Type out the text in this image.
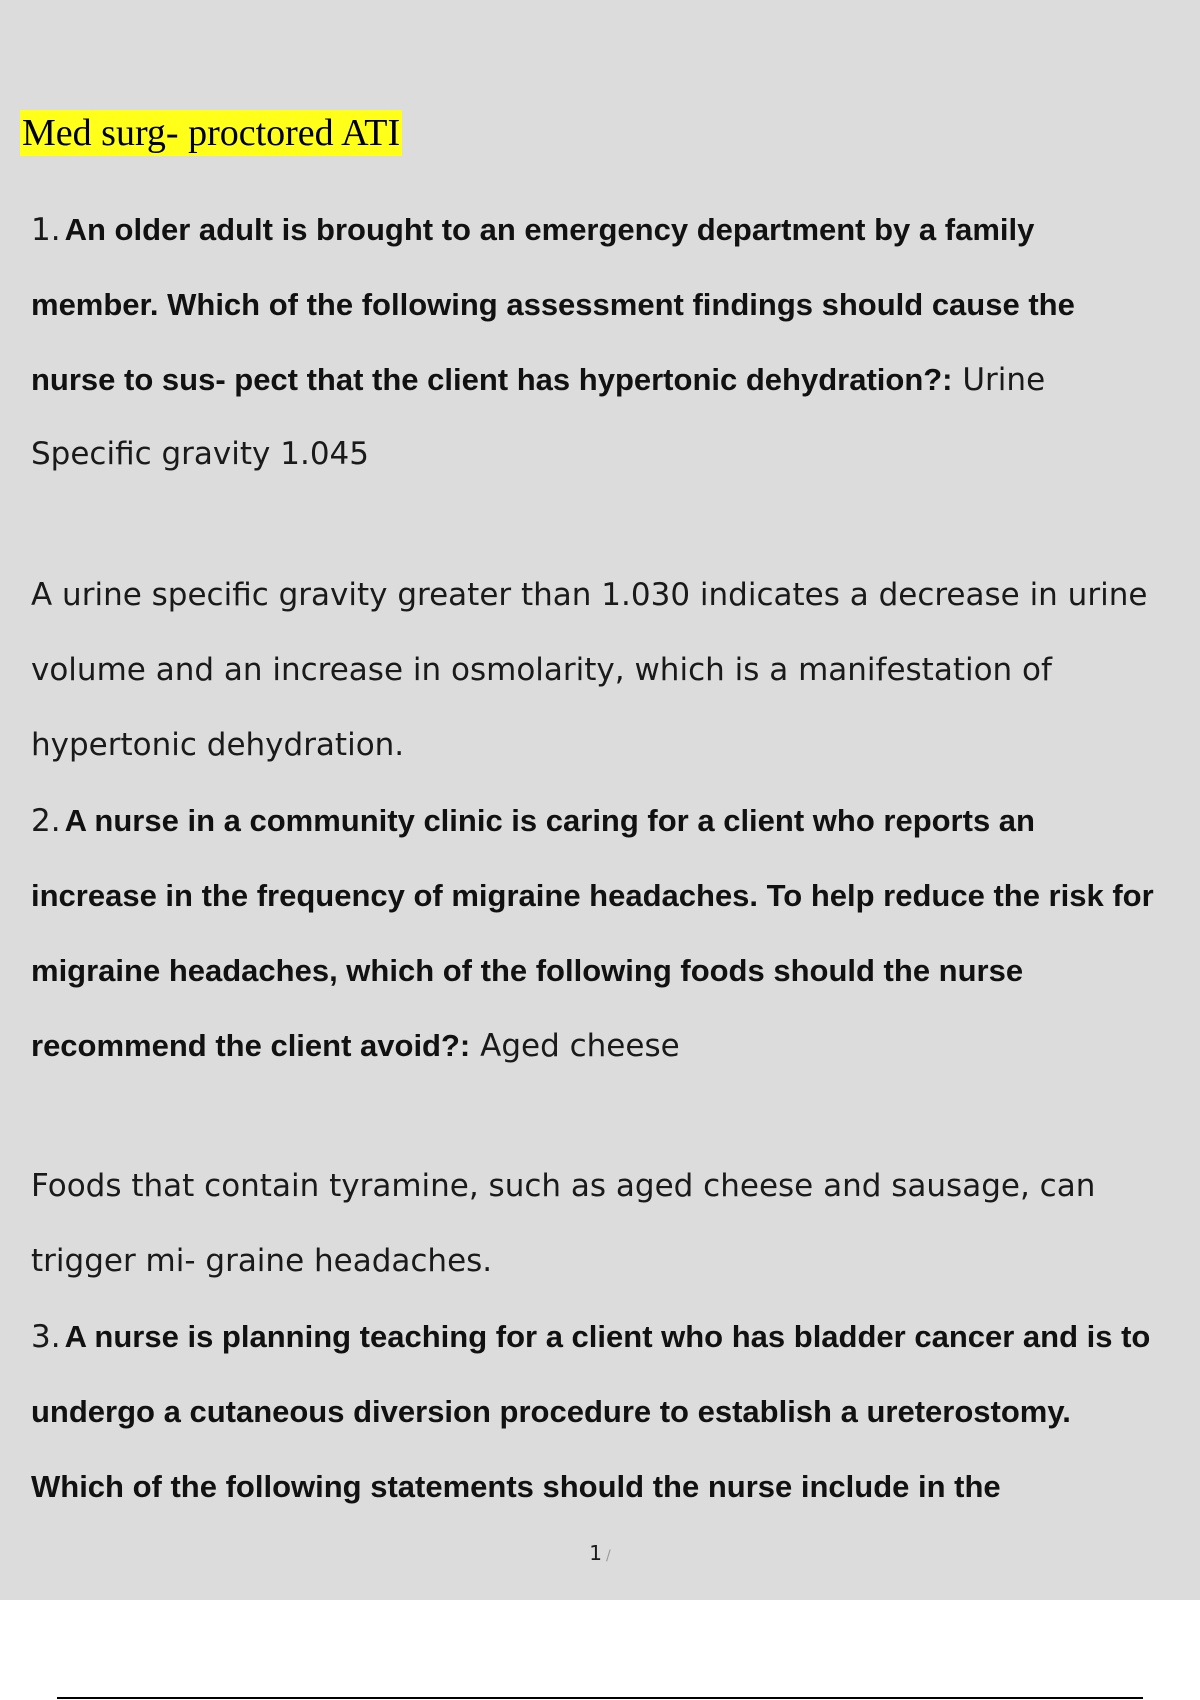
Med surg- proctored ATI
1. An older adult is brought to an emergency department by a family
member. Which of the following assessment findings should cause the
nurse to sus- pect that the client has hypertonic dehydration?: Urine
Specific gravity 1.045
A urine specific gravity greater than 1.030 indicates a decrease in urine
volume and an increase in osmolarity, which is a manifestation of
hypertonic dehydration.
2. A nurse in a community clinic is caring for a client who reports an
increase in the frequency of migraine headaches. To help reduce the risk for
migraine headaches, which of the following foods should the nurse
recommend the client avoid?: Aged cheese
Foods that contain tyramine, such as aged cheese and sausage, can
trigger mi- graine headaches.
3. A nurse is planning teaching for a client who has bladder cancer and is to
undergo a cutaneous diversion procedure to establish a ureterostomy.
Which of the following statements should the nurse include in the
1 /
